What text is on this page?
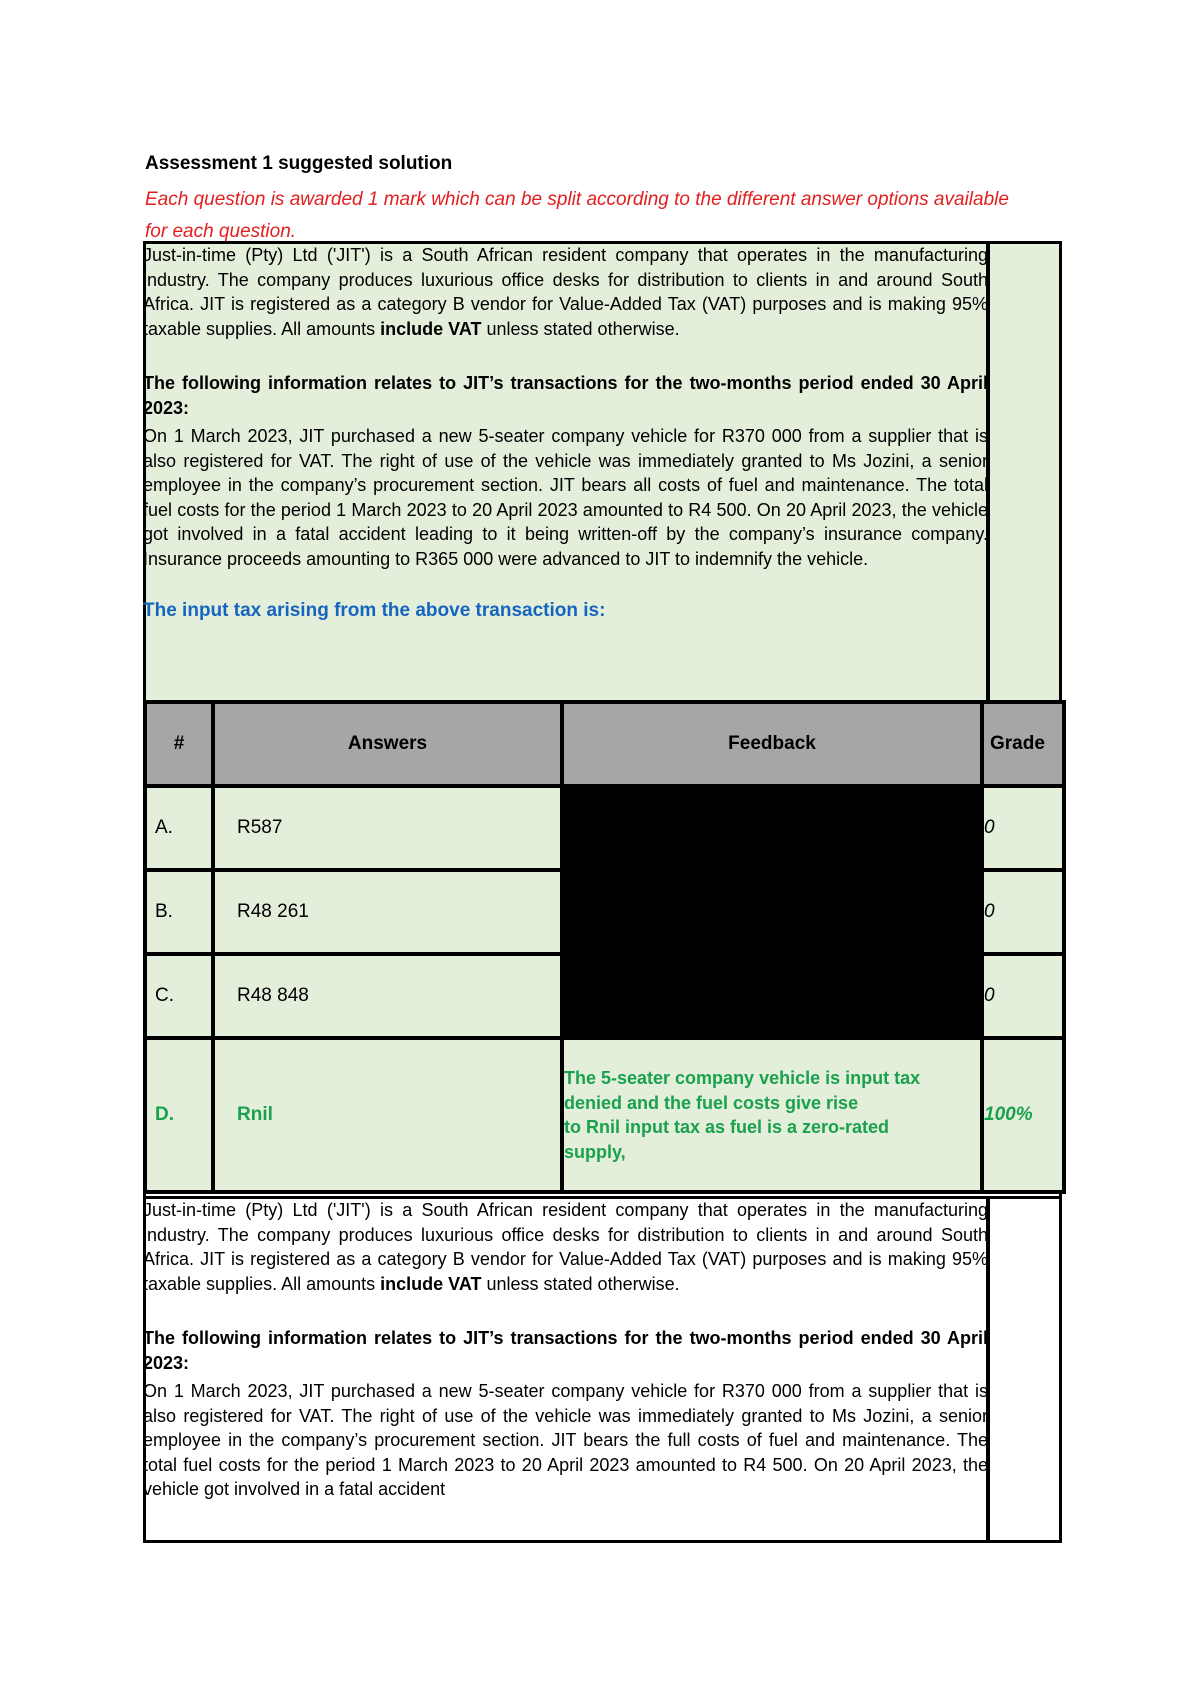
Assessment 1 suggested solution

Each question is awarded 1 mark which can be split according to the different answer options available for each question.

Just-in-time (Pty) Ltd ('JIT') is a South African resident company that operates in the manufacturing industry. The company produces luxurious office desks for distribution to clients in and around South Africa. JIT is registered as a category B vendor for Value-Added Tax (VAT) purposes and is making 95% taxable supplies. All amounts include VAT unless stated otherwise.

The following information relates to JIT’s transactions for the two-months period ended 30 April 2023:

On 1 March 2023, JIT purchased a new 5-seater company vehicle for R370 000 from a supplier that is also registered for VAT. The right of use of the vehicle was immediately granted to Ms Jozini, a senior employee in the company’s procurement section. JIT bears all costs of fuel and maintenance. The total fuel costs for the period 1 March 2023 to 20 April 2023 amounted to R4 500. On 20 April 2023, the vehicle got involved in a fatal accident leading to it being written-off by the company’s insurance company. Insurance proceeds amounting to R365 000 were advanced to JIT to indemnify the vehicle.

The input tax arising from the above transaction is:

#	Answers	Feedback	Grade
A.	R587		0
B.	R48 261		0
C.	R48 848		0
D.	Rnil	The 5-seater company vehicle is input tax
denied and the fuel costs give rise
to Rnil input tax as fuel is a zero-rated
supply,	100%

Just-in-time (Pty) Ltd ('JIT') is a South African resident company that operates in the manufacturing industry. The company produces luxurious office desks for distribution to clients in and around South Africa. JIT is registered as a category B vendor for Value-Added Tax (VAT) purposes and is making 95% taxable supplies. All amounts include VAT unless stated otherwise.

The following information relates to JIT’s transactions for the two-months period ended 30 April 2023:

On 1 March 2023, JIT purchased a new 5-seater company vehicle for R370 000 from a supplier that is also registered for VAT. The right of use of the vehicle was immediately granted to Ms Jozini, a senior employee in the company’s procurement section. JIT bears the full costs of fuel and maintenance. The total fuel costs for the period 1 March 2023 to 20 April 2023 amounted to R4 500. On 20 April 2023, the vehicle got involved in a fatal accident
